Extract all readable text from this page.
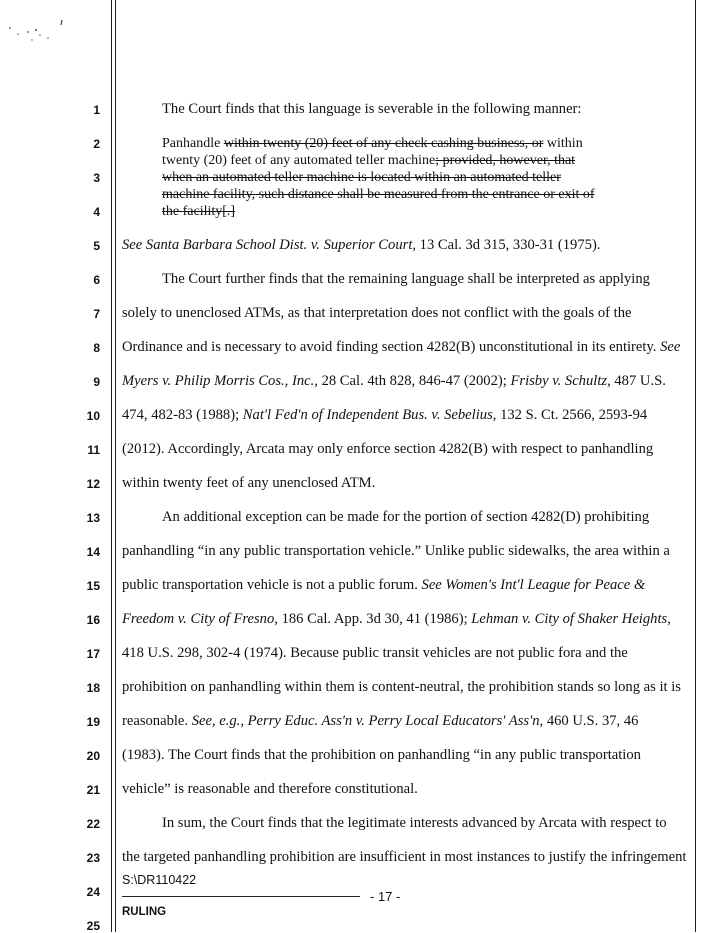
1
2
3
4
5
6
7
8
9
10
11
12
13
14
15
16
17
18
19
20
21
22
23
24
25
The Court finds that this language is severable in the following manner:
Panhandle within twenty (20) feet of any check cashing business, or within
twenty (20) feet of any automated teller machine; provided, however, that
when an automated teller machine is located within an automated teller
machine facility, such distance shall be measured from the entrance or exit of
the facility[.]
See Santa Barbara School Dist. v. Superior Court, 13 Cal. 3d 315, 330-31 (1975).
The Court further finds that the remaining language shall be interpreted as applying
solely to unenclosed ATMs, as that interpretation does not conflict with the goals of the
Ordinance and is necessary to avoid finding section 4282(B) unconstitutional in its entirety. See
Myers v. Philip Morris Cos., Inc., 28 Cal. 4th 828, 846-47 (2002); Frisby v. Schultz, 487 U.S.
474, 482-83 (1988); Nat'l Fed'n of Independent Bus. v. Sebelius, 132 S. Ct. 2566, 2593-94
(2012). Accordingly, Arcata may only enforce section 4282(B) with respect to panhandling
within twenty feet of any unenclosed ATM.
An additional exception can be made for the portion of section 4282(D) prohibiting
panhandling “in any public transportation vehicle.” Unlike public sidewalks, the area within a
public transportation vehicle is not a public forum. See Women's Int'l League for Peace &
Freedom v. City of Fresno, 186 Cal. App. 3d 30, 41 (1986); Lehman v. City of Shaker Heights,
418 U.S. 298, 302-4 (1974). Because public transit vehicles are not public fora and the
prohibition on panhandling within them is content-neutral, the prohibition stands so long as it is
reasonable. See, e.g., Perry Educ. Ass'n v. Perry Local Educators' Ass'n, 460 U.S. 37, 46
(1983). The Court finds that the prohibition on panhandling “in any public transportation
vehicle” is reasonable and therefore constitutional.
In sum, the Court finds that the legitimate interests advanced by Arcata with respect to
the targeted panhandling prohibition are insufficient in most instances to justify the infringement
S:\DR110422
- 17 -
RULING
